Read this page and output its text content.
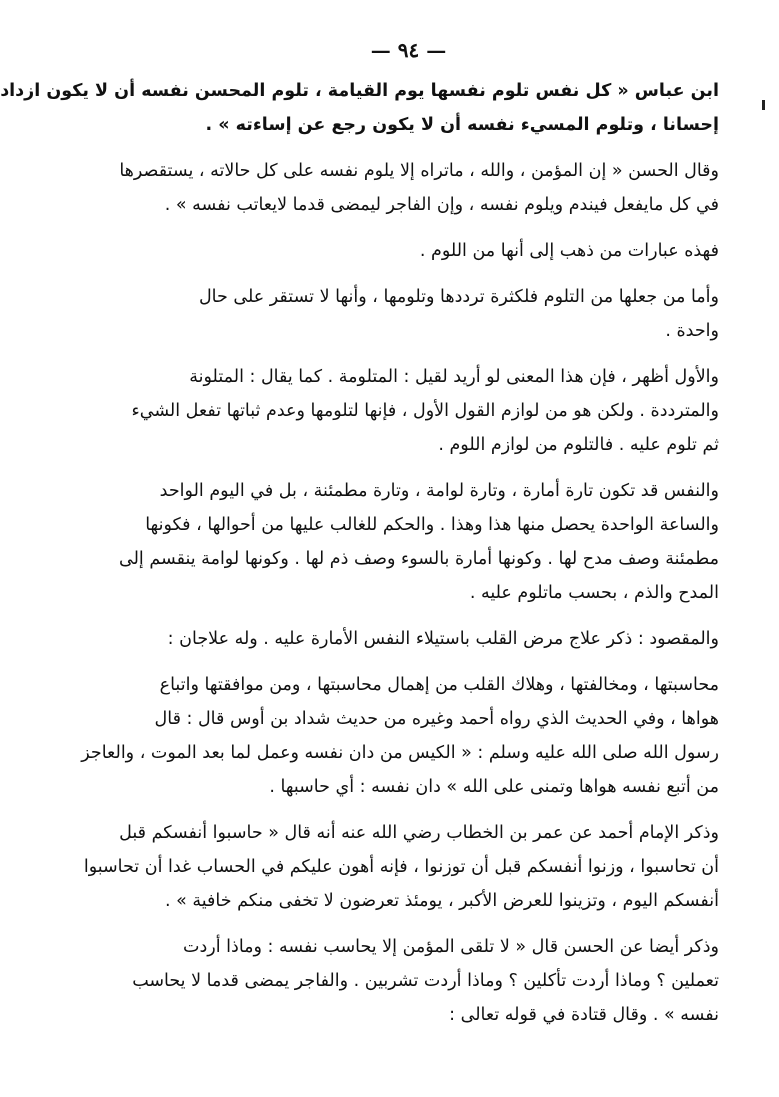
— ٩٤ —
ابن عباس « كل نفس تلوم نفسها يوم القيامة ، تلوم المحسن نفسه أن لا يكون ازداد
إحسانا ، وتلوم المسيء نفسه أن لا يكون رجع عن إساءته » .
وقال الحسن « إن المؤمن ، والله ، ماتراه إلا يلوم نفسه على كل حالاته ، يستقصرها
في كل مايفعل فيندم ويلوم نفسه ، وإن الفاجر ليمضى قدما لايعاتب نفسه » .
فهذه عبارات من ذهب إلى أنها من اللوم .
وأما من جعلها من التلوم فلكثرة ترددها وتلومها ، وأنها لا تستقر على حال
واحدة .
والأول أظهر ، فإن هذا المعنى لو أريد لقيل : المتلومة . كما يقال : المتلونة
والمترددة . ولكن هو من لوازم القول الأول ، فإنها لتلومها وعدم ثباتها تفعل الشيء
ثم تلوم عليه . فالتلوم من لوازم اللوم .
والنفس قد تكون تارة أمارة ، وتارة لوامة ، وتارة مطمئنة ، بل في اليوم الواحد
والساعة الواحدة يحصل منها هذا وهذا . والحكم للغالب عليها من أحوالها ، فكونها
مطمئنة وصف مدح لها . وكونها أمارة بالسوء وصف ذم لها . وكونها لوامة ينقسم إلى
المدح والذم ، بحسب ماتلوم عليه .
والمقصود : ذكر علاج مرض القلب باستيلاء النفس الأمارة عليه . وله علاجان :
محاسبتها ، ومخالفتها ، وهلاك القلب من إهمال محاسبتها ، ومن موافقتها واتباع
هواها ، وفي الحديث الذي رواه أحمد وغيره من حديث شداد بن أوس قال : قال
رسول الله صلى الله عليه وسلم : « الكيس من دان نفسه وعمل لما بعد الموت ، والعاجز
من أتبع نفسه هواها وتمنى على الله » دان نفسه : أي حاسبها .
وذكر الإمام أحمد عن عمر بن الخطاب رضي الله عنه أنه قال « حاسبوا أنفسكم قبل
أن تحاسبوا ، وزنوا أنفسكم قبل أن توزنوا ، فإنه أهون عليكم في الحساب غدا أن تحاسبوا
أنفسكم اليوم ، وتزينوا للعرض الأكبر ، يومئذ تعرضون لا تخفى منكم خافية » .
وذكر أيضا عن الحسن قال « لا تلقى المؤمن إلا يحاسب نفسه : وماذا أردت
تعملين ؟ وماذا أردت تأكلين ؟ وماذا أردت تشربين . والفاجر يمضى قدما لا يحاسب
نفسه » . وقال قتادة في قوله تعالى :
